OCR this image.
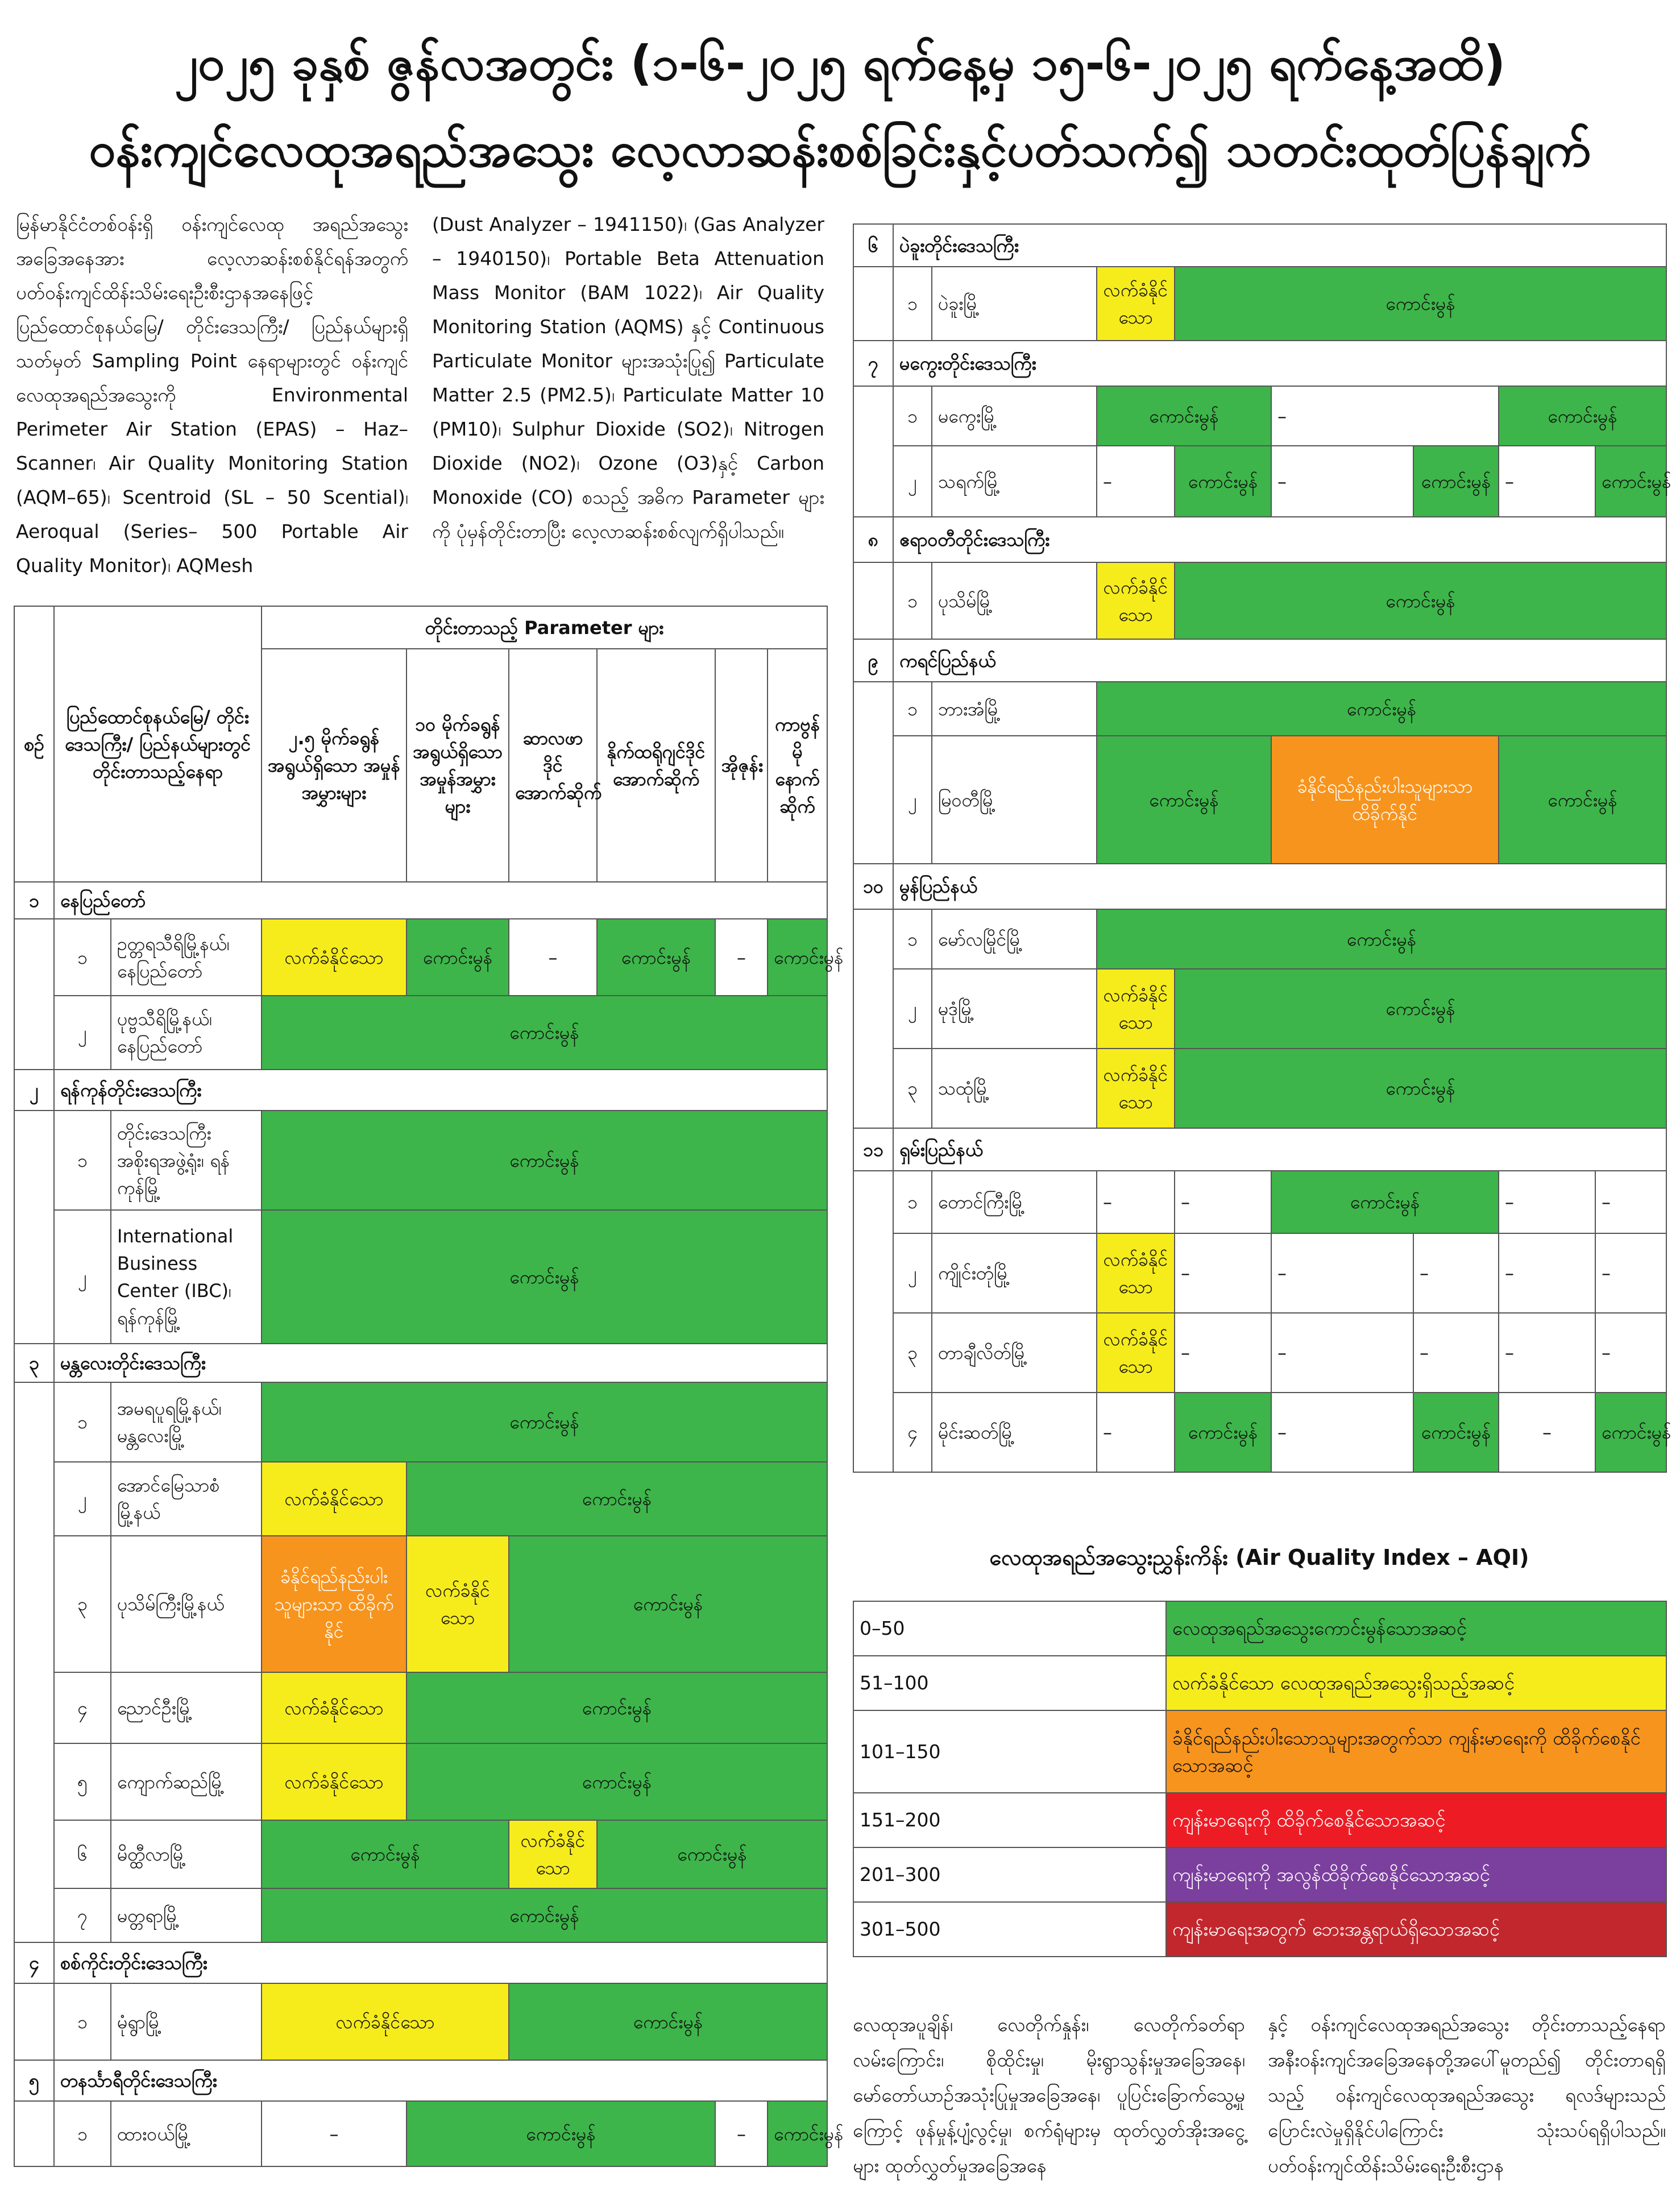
၂၀၂၅ ခုနှစ် ဇွန်လအတွင်း (၁-၆-၂၀၂၅ ရက်နေ့မှ ၁၅-၆-၂၀၂၅ ရက်နေ့အထိ)
ဝန်းကျင်လေထုအရည်အသွေး လေ့လာဆန်းစစ်ခြင်းနှင့်ပတ်သက်၍ သတင်းထုတ်ပြန်ချက်
မြန်မာနိုင်ငံတစ်ဝန်းရှိ ဝန်းကျင်လေထု အရည်အသွေးအခြေအနေအား လေ့လာဆန်းစစ်နိုင်ရန်အတွက် ပတ်ဝန်းကျင်ထိန်းသိမ်းရေးဦးစီးဌာနအနေဖြင့် ပြည်ထောင်စုနယ်မြေ/ တိုင်းဒေသကြီး/ ပြည်နယ်များရှိ သတ်မှတ် Sampling Point နေရာများတွင် ဝန်းကျင်လေထုအရည်အသွေးကို Environmental Perimeter Air Station (EPAS) – Haz–Scanner၊ Air Quality Monitoring Station (AQM–65)၊ Scentroid (SL – 50 Scential)၊ Aeroqual (Series– 500 Portable Air Quality Monitor)၊ AQMesh
(Dust Analyzer – 1941150)၊ (Gas Analyzer – 1940150)၊ Portable Beta Attenuation Mass Monitor (BAM 1022)၊ Air Quality Monitoring Station (AQMS) နှင့် Continuous Particulate Monitor များအသုံးပြု၍ Particulate Matter 2.5 (PM2.5)၊ Particulate Matter 10 (PM10)၊ Sulphur Dioxide (SO2)၊ Nitrogen Dioxide (NO2)၊ Ozone (O3)နှင့် Carbon Monoxide (CO) စသည့် အဓိက Parameter များကို ပုံမှန်တိုင်းတာပြီး လေ့လာဆန်းစစ်လျက်ရှိပါသည်။
စဉ်	ပြည်ထောင်စုနယ်မြေ/ တိုင်းဒေသကြီး/ ပြည်နယ်များတွင် တိုင်းတာသည့်နေရာ		တိုင်းတာသည့် Parameter များ					
			၂.၅ မိုက်ခရွန်အရွယ်ရှိသော အမှုန်အမွှားများ	၁၀ မိုက်ခရွန်အရွယ်ရှိသော အမှုန်အမွှားများ	ဆာလဖာဒိုင်အောက်ဆိုက်	နိုက်ထရိုဂျင်ဒိုင်အောက်ဆိုက်	အိုဇုန်း	ကာဗွန်မိုနောက်ဆိုက်
၁	နေပြည်တော်							
	၁	ဥတ္တရသီရိမြို့နယ်၊ နေပြည်တော်	လက်ခံနိုင်သော	ကောင်းမွန်	–	ကောင်းမွန်	–	ကောင်းမွန်
	၂	ပုဗ္ဗသီရိမြို့နယ်၊ နေပြည်တော်	ကောင်းမွန်					
၂	ရန်ကုန်တိုင်းဒေသကြီး							
	၁	တိုင်းဒေသကြီး အစိုးရအဖွဲ့ရုံး၊ ရန်ကုန်မြို့	ကောင်းမွန်					
	၂	International Business Center (IBC)၊ ရန်ကုန်မြို့	ကောင်းမွန်					
၃	မန္တလေးတိုင်းဒေသကြီး							
	၁	အမရပူရမြို့နယ်၊ မန္တလေးမြို့	ကောင်းမွန်					
	၂	အောင်မြေသာစံမြို့နယ်	လက်ခံနိုင်သော	ကောင်းမွန်				
	၃	ပုသိမ်ကြီးမြို့နယ်	ခံနိုင်ရည်နည်းပါးသူများသာ ထိခိုက်နိုင်	လက်ခံနိုင်သော	ကောင်းမွန်			
	၄	ညောင်ဦးမြို့	လက်ခံနိုင်သော	ကောင်းမွန်				
	၅	ကျောက်ဆည်မြို့	လက်ခံနိုင်သော	ကောင်းမွန်				
	၆	မိတ္ထီလာမြို့	ကောင်းမွန်		လက်ခံနိုင်သော	ကောင်းမွန်		
	၇	မတ္တရာမြို့	ကောင်းမွန်					
၄	စစ်ကိုင်းတိုင်းဒေသကြီး							
	၁	မုံရွာမြို့	လက်ခံနိုင်သော		ကောင်းမွန်			
၅	တနင်္သာရီတိုင်းဒေသကြီး							
	၁	ထားဝယ်မြို့	–	ကောင်းမွန်			–	ကောင်းမွန်
၆	ပဲခူးတိုင်းဒေသကြီး							
	၁	ပဲခူးမြို့	လက်ခံနိုင်သော	ကောင်းမွန်				
၇	မကွေးတိုင်းဒေသကြီး							
	၁	မကွေးမြို့	ကောင်းမွန်		–		ကောင်းမွန်	
	၂	သရက်မြို့	–	ကောင်းမွန်	–	ကောင်းမွန်	–	ကောင်းမွန်
၈	ဧရာဝတီတိုင်းဒေသကြီး							
	၁	ပုသိမ်မြို့	လက်ခံနိုင်သော	ကောင်းမွန်				
၉	ကရင်ပြည်နယ်							
	၁	ဘားအံမြို့	ကောင်းမွန်					
	၂	မြဝတီမြို့	ကောင်းမွန်		ခံနိုင်ရည်နည်းပါးသူများသာ ထိခိုက်နိုင်		ကောင်းမွန်	
၁၀	မွန်ပြည်နယ်							
	၁	မော်လမြိုင်မြို့	ကောင်းမွန်					
	၂	မုဒုံမြို့	လက်ခံနိုင်သော	ကောင်းမွန်				
	၃	သထုံမြို့	လက်ခံနိုင်သော	ကောင်းမွန်				
၁၁	ရှမ်းပြည်နယ်							
	၁	တောင်ကြီးမြို့	–	–	ကောင်းမွန်		–	–
	၂	ကျိုင်းတုံမြို့	လက်ခံနိုင်သော	–	–	–	–	–
	၃	တာချီလိတ်မြို့	လက်ခံနိုင်သော	–	–	–	–	–
	၄	မိုင်းဆတ်မြို့	–	ကောင်းမွန်	–	ကောင်းမွန်	–	ကောင်းမွန်
လေထုအရည်အသွေးညွှန်းကိန်း (Air Quality Index – AQI)
0–50	လေထုအရည်အသွေးကောင်းမွန်သောအဆင့်
51–100	လက်ခံနိုင်သော လေထုအရည်အသွေးရှိသည့်အဆင့်
101–150	ခံနိုင်ရည်နည်းပါးသောသူများအတွက်သာ ကျန်းမာရေးကို ထိခိုက်စေနိုင်သောအဆင့်
151–200	ကျန်းမာရေးကို ထိခိုက်စေနိုင်သောအဆင့်
201–300	ကျန်းမာရေးကို အလွန်ထိခိုက်စေနိုင်သောအဆင့်
301–500	ကျန်းမာရေးအတွက် ဘေးအန္တရာယ်ရှိသောအဆင့်
လေထုအပူချိန်၊ လေတိုက်နှုန်း၊ လေတိုက်ခတ်ရာလမ်းကြောင်း၊ စိုထိုင်းမှု၊ မိုးရွာသွန်းမှုအခြေအနေ၊ မော်တော်ယာဉ်အသုံးပြုမှုအခြေအနေ၊ ပူပြင်းခြောက်သွေ့မှုကြောင့် ဖုန်မှုန့်ပျံ့လွင့်မှု၊ စက်ရုံများမှ ထုတ်လွှတ်အိုးအငွေ့များ ထုတ်လွှတ်မှုအခြေအနေ
နှင့် ဝန်းကျင်လေထုအရည်အသွေး တိုင်းတာသည့်နေရာ အနီးဝန်းကျင်အခြေအနေတို့အပေါ်မူတည်၍ တိုင်းတာရရှိသည့် ဝန်းကျင်လေထုအရည်အသွေး ရလဒ်များသည် ပြောင်းလဲမှုရှိနိုင်ပါကြောင်း သုံးသပ်ရရှိပါသည်။ ပတ်ဝန်းကျင်ထိန်းသိမ်းရေးဦးစီးဌာန
